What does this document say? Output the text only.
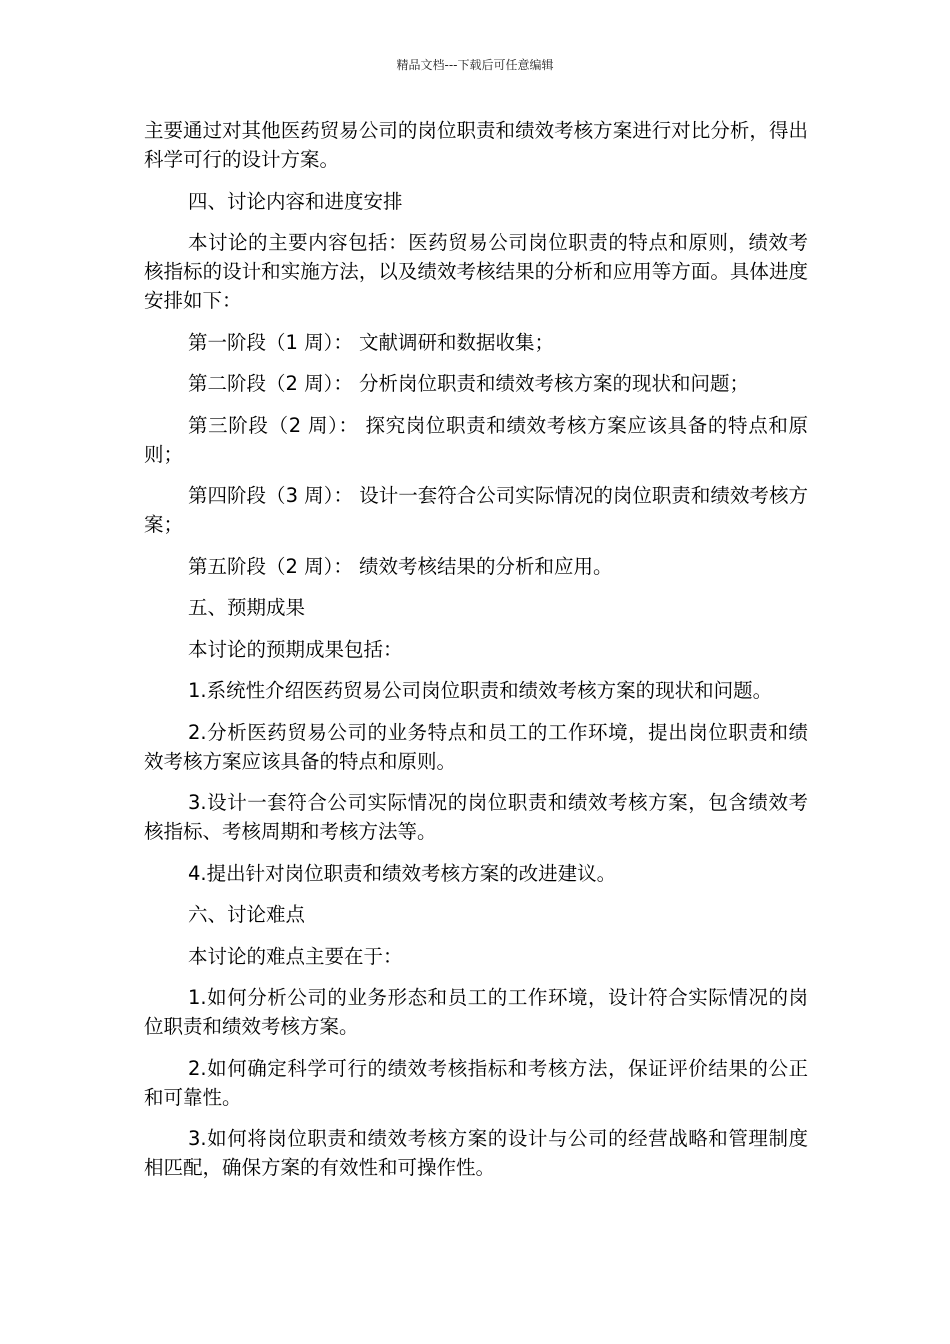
精品文档---下载后可任意编辑

主要通过对其他医药贸易公司的岗位职责和绩效考核方案进行对比分析，得出科学可行的设计方案。

四、讨论内容和进度安排

本讨论的主要内容包括：医药贸易公司岗位职责的特点和原则，绩效考核指标的设计和实施方法，以及绩效考核结果的分析和应用等方面。具体进度安排如下：

第一阶段（1 周）： 文献调研和数据收集；

第二阶段（2 周）： 分析岗位职责和绩效考核方案的现状和问题；

第三阶段（2 周）： 探究岗位职责和绩效考核方案应该具备的特点和原则；

第四阶段（3 周）： 设计一套符合公司实际情况的岗位职责和绩效考核方案；

第五阶段（2 周）： 绩效考核结果的分析和应用。

五、预期成果

本讨论的预期成果包括：

1.系统性介绍医药贸易公司岗位职责和绩效考核方案的现状和问题。

2.分析医药贸易公司的业务特点和员工的工作环境，提出岗位职责和绩效考核方案应该具备的特点和原则。

3.设计一套符合公司实际情况的岗位职责和绩效考核方案，包含绩效考核指标、考核周期和考核方法等。

4.提出针对岗位职责和绩效考核方案的改进建议。

六、讨论难点

本讨论的难点主要在于：

1.如何分析公司的业务形态和员工的工作环境，设计符合实际情况的岗位职责和绩效考核方案。

2.如何确定科学可行的绩效考核指标和考核方法，保证评价结果的公正和可靠性。

3.如何将岗位职责和绩效考核方案的设计与公司的经营战略和管理制度相匹配，确保方案的有效性和可操作性。
